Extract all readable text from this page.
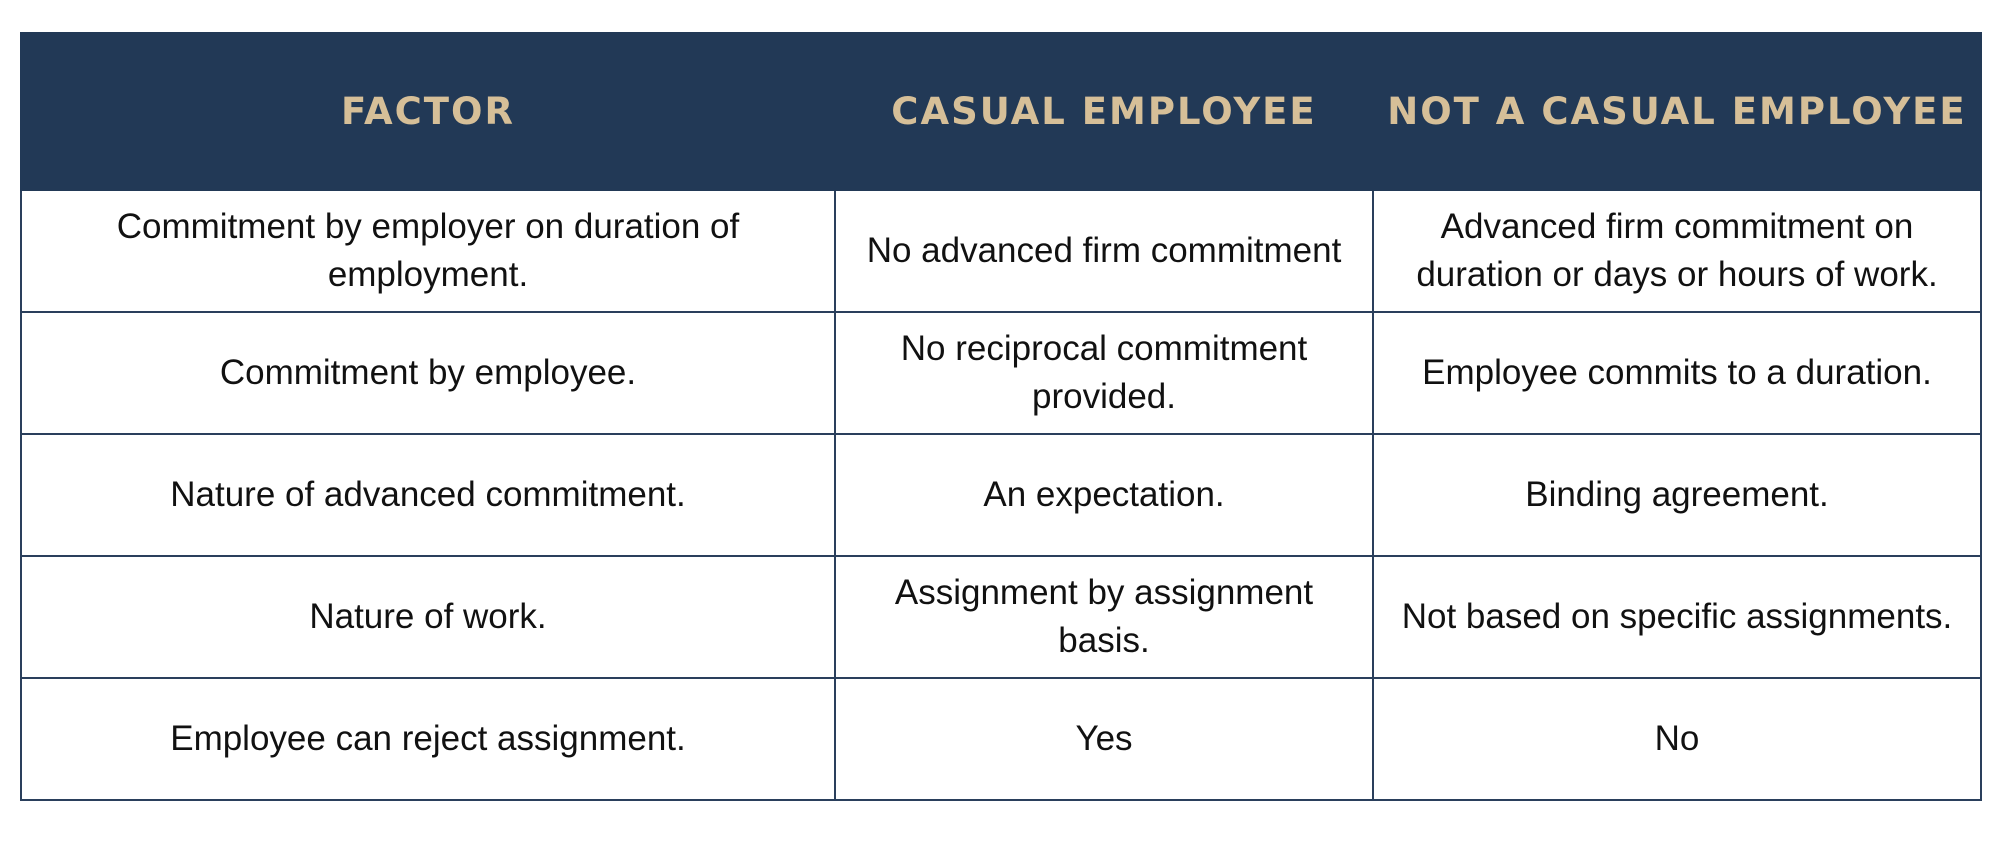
FACTOR	CASUAL EMPLOYEE	NOT A CASUAL EMPLOYEE
Commitment by employer on duration of employment.	No advanced firm commitment	Advanced firm commitment on duration or days or hours of work.
Commitment by employee.	No reciprocal commitment provided.	Employee commits to a duration.
Nature of advanced commitment.	An expectation.	Binding agreement.
Nature of work.	Assignment by assignment basis.	Not based on specific assignments.
Employee can reject assignment.	Yes	No
